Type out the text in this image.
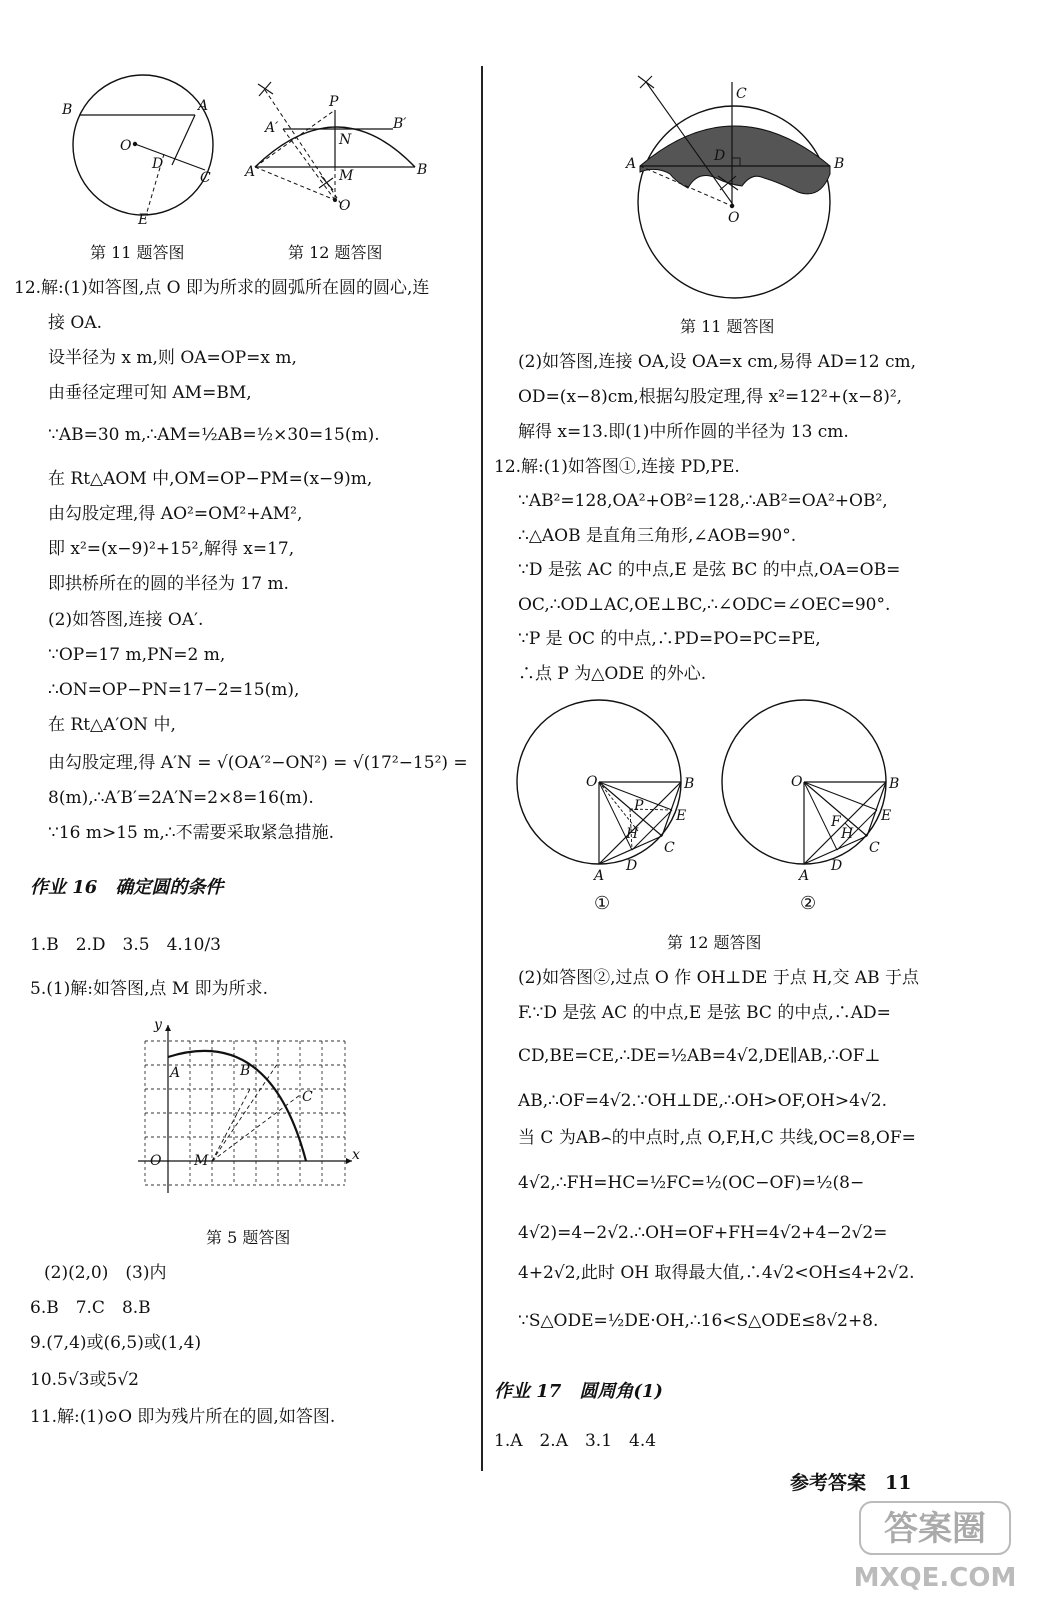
B	A
O
D
C
E
第 11 题答图
P
A′	B′
N
A	B
M
O
第 12 题答图
12.解:(1)如答图,点 O 即为所求的圆弧所在圆的圆心,连
接 OA.
设半径为 x m,则 OA=OP=x m,
由垂径定理可知 AM=BM,
∵AB=30 m,∴AM=½AB=½×30=15(m).
在 Rt△AOM 中,OM=OP−PM=(x−9)m,
由勾股定理,得 AO²=OM²+AM²,
即 x²=(x−9)²+15²,解得 x=17,
即拱桥所在的圆的半径为 17 m.
(2)如答图,连接 OA′.
∵OP=17 m,PN=2 m,
∴ON=OP−PN=17−2=15(m),
在 Rt△A′ON 中,
由勾股定理,得 A′N = √(OA′²−ON²) = √(17²−15²) =
8(m),∴A′B′=2A′N=2×8=16(m).
∵16 m>15 m,∴不需要采取紧急措施.
作业 16　确定圆的条件
1.B　2.D　3.5　4.10/3
5.(1)解:如答图,点 M 即为所求.
y
x
O M
A	B
C
第 5 题答图
(2)(2,0)　(3)内
6.B　7.C　8.B
9.(7,4)或(6,5)或(1,4)
10.5√3或5√2
11.解:(1)⊙O 即为残片所在的圆,如答图.
C
A	D	B
O
第 11 题答图
(2)如答图,连接 OA,设 OA=x cm,易得 AD=12 cm,
OD=(x−8)cm,根据勾股定理,得 x²=12²+(x−8)²,
解得 x=13.即(1)中所作圆的半径为 13 cm.
12.解:(1)如答图①,连接 PD,PE.
∵AB²=128,OA²+OB²=128,∴AB²=OA²+OB²,
∴△AOB 是直角三角形,∠AOB=90°.
∵D 是弦 AC 的中点,E 是弦 BC 的中点,OA=OB=
OC,∴OD⊥AC,OE⊥BC,∴∠ODC=∠OEC=90°.
∵P 是 OC 的中点,∴PD=PO=PC=PE,
∴点 P 为△ODE 的外心.
O	B
A
D
C
E
P
H
O	B
A
D
C
E
F
H
①	②
第 12 题答图
(2)如答图②,过点 O 作 OH⊥DE 于点 H,交 AB 于点
F.∵D 是弦 AC 的中点,E 是弦 BC 的中点,∴AD=
CD,BE=CE,∴DE=½AB=4√2,DE∥AB,∴OF⊥
AB,∴OF=4√2.∵OH⊥DE,∴OH>OF,OH>4√2.
当 C 为AB⌢的中点时,点 O,F,H,C 共线,OC=8,OF=
4√2,∴FH=HC=½FC=½(OC−OF)=½(8−
4√2)=4−2√2.∴OH=OF+FH=4√2+4−2√2=
4+2√2,此时 OH 取得最大值,∴4√2<OH≤4+2√2.
∵S△ODE=½DE·OH,∴16<S△ODE≤8√2+8.
作业 17　圆周角(1)
1.A　2.A　3.1　4.4
参考答案　11
答案圈
MXQE.COM
